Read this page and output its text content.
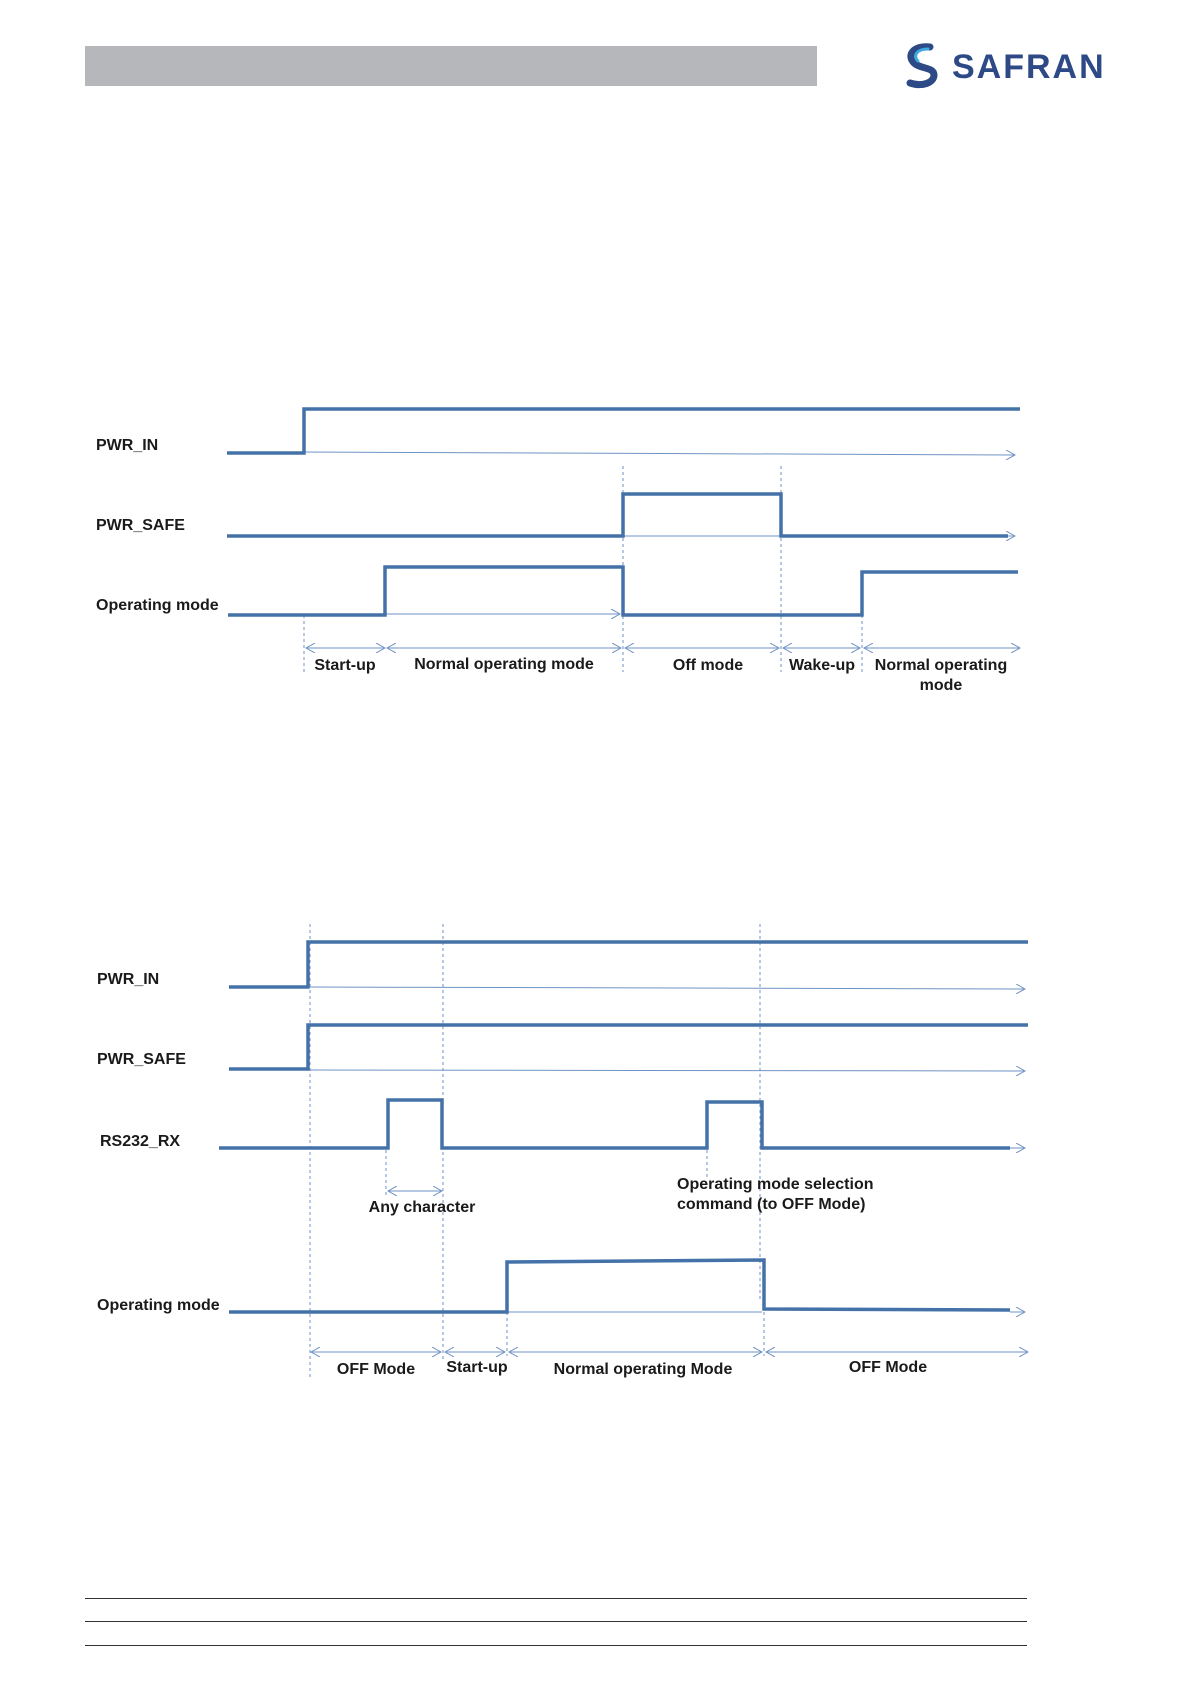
SAFRAN
PWR_IN
PWR_SAFE
Operating mode
Start-up Normal operating mode	Off mode	Wake-up Normal operating
mode
PWR_IN
PWR_SAFE
RS232_RX
Operating mode
Any character
Operating mode selection
command (to OFF Mode)
OFF Mode Start-up	Normal operating Mode	OFF Mode
